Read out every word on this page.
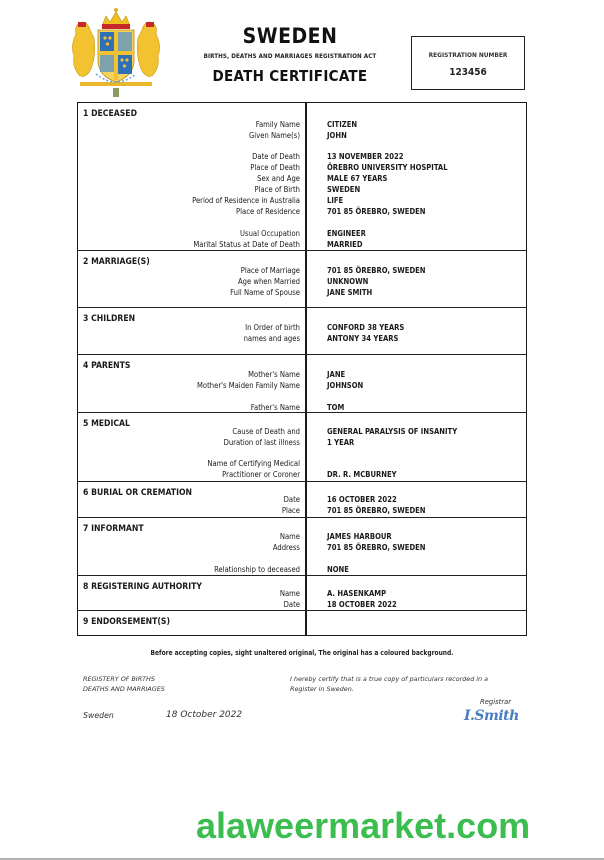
SWEDEN
BIRTHS, DEATHS AND MARRIAGES REGISTRATION ACT
DEATH CERTIFICATE
REGISTRATION NUMBER
123456
1 DECEASED
Family Name	CITIZEN
Given Name(s)	JOHN
Date of Death	13 NOVEMBER 2022
Place of Death	ÖREBRO UNIVERSITY HOSPITAL
Sex and Age	MALE 67 YEARS
Place of Birth	SWEDEN
Period of Residence in Australia	LIFE
Place of Residence	701 85 ÖREBRO, SWEDEN
Usual Occupation	ENGINEER
Marital Status at Date of Death	MARRIED
2 MARRIAGE(S)
Place of Marriage	701 85 ÖREBRO, SWEDEN
Age when Married	UNKNOWN
Full Name of Spouse	JANE SMITH
3 CHILDREN
In Order of birth	CONFORD 38 YEARS
names and ages	ANTONY 34 YEARS
4 PARENTS
Mother's Name	JANE
Mother's Maiden Family Name	JOHNSON
Father's Name	TOM
5 MEDICAL
Cause of Death and	GENERAL PARALYSIS OF INSANITY
Duration of last illness	1 YEAR
Name of Certifying Medical
Practitioner or Coroner	DR. R. MCBURNEY
6 BURIAL OR CREMATION
Date	16 OCTOBER 2022
Place	701 85 ÖREBRO, SWEDEN
7 INFORMANT
Name	JAMES HARBOUR
Address	701 85 ÖREBRO, SWEDEN
Relationship to deceased	NONE
8 REGISTERING AUTHORITY
Name	A. HASENKAMP
Date	18 OCTOBER 2022
9 ENDORSEMENT(S)
Before accepting copies, sight unaltered original, The original has a coloured background.
REGISTERY OF BIRTHS
DEATHS AND MARRIAGES
I hereby certify that is a true copy of particulars recorded in a
Register in Sweden.
Sweden	18 October 2022
Registrar
I.Smith
alaweermarket.com
